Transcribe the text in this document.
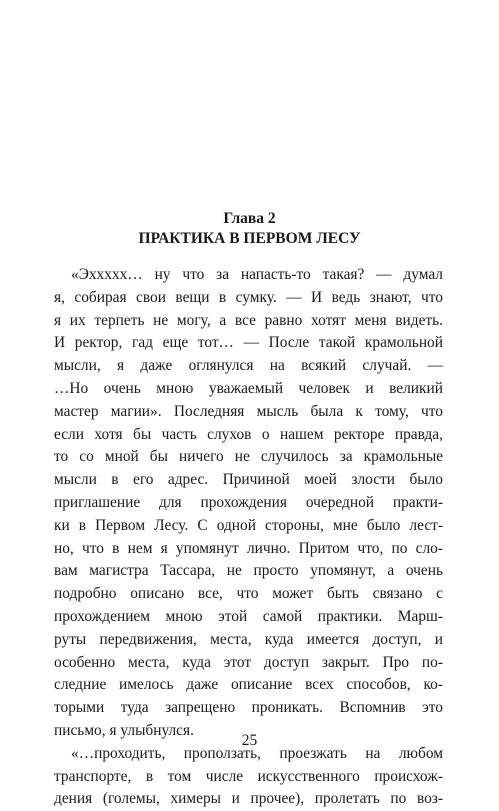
Глава 2
ПРАКТИКА В ПЕРВОМ ЛЕСУ
«Эхххxx… ну что за напасть-то такая? — думал
я, собирая свои вещи в сумку. — И ведь знают, что
я их терпеть не могу, а все равно хотят меня видеть.
И ректор, гад еще тот… — После такой крамольной
мысли, я даже оглянулся на всякий случай. —
…Но очень мною уважаемый человек и великий
мастер магии». Последняя мысль была к тому, что
если хотя бы часть слухов о нашем ректоре правда,
то со мной бы ничего не случилось за крамольные
мысли в его адрес. Причиной моей злости было
приглашение для прохождения очередной практи-
ки в Первом Лесу. С одной стороны, мне было лест-
но, что в нем я упомянут лично. Притом что, по сло-
вам магистра Тассара, не просто упомянут, а очень
подробно описано все, что может быть связано с
прохождением мною этой самой практики. Марш-
руты передвижения, места, куда имеется доступ, и
особенно места, куда этот доступ закрыт. Про по-
следние имелось даже описание всех способов, ко-
торыми туда запрещено проникать. Вспомнив это
письмо, я улыбнулся.
«…проходить, проползать, проезжать на любом
транспорте, в том числе искусственного происхож-
дения (големы, химеры и прочее), пролетать по воз-
25
